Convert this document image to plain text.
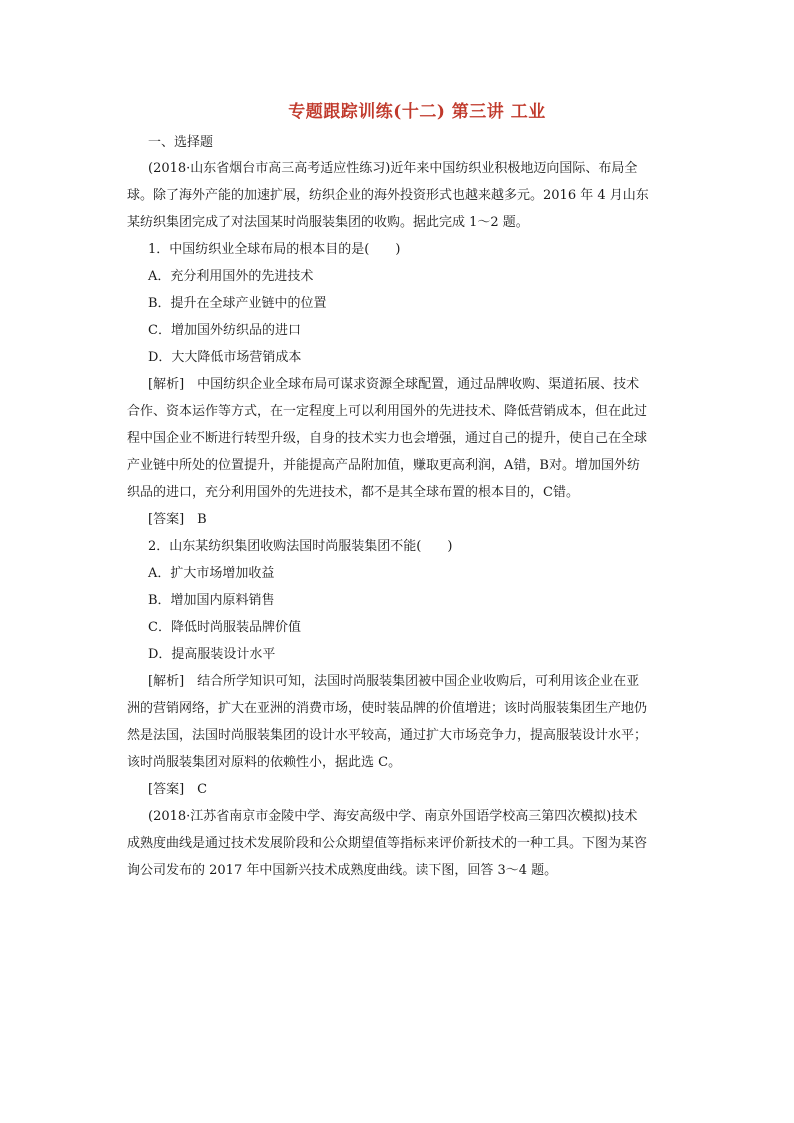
专题跟踪训练(十二) 第三讲 工业
一、选择题
(2018·山东省烟台市高三高考适应性练习)近年来中国纺织业积极地迈向国际、布局全
球。除了海外产能的加速扩展，纺织企业的海外投资形式也越来越多元。2016 年 4 月山东
某纺织集团完成了对法国某时尚服装集团的收购。据此完成 1～2 题。
1．中国纺织业全球布局的根本目的是(　　)
A．充分利用国外的先进技术
B．提升在全球产业链中的位置
C．增加国外纺织品的进口
D．大大降低市场营销成本
[解析]　中国纺织企业全球布局可谋求资源全球配置，通过品牌收购、渠道拓展、技术
合作、资本运作等方式，在一定程度上可以利用国外的先进技术、降低营销成本，但在此过
程中国企业不断进行转型升级，自身的技术实力也会增强，通过自己的提升，使自己在全球
产业链中所处的位置提升，并能提高产品附加值，赚取更高利润，A错，B对。增加国外纺
织品的进口，充分利用国外的先进技术，都不是其全球布置的根本目的，C错。
[答案]　B
2．山东某纺织集团收购法国时尚服装集团不能(　　)
A．扩大市场增加收益
B．增加国内原料销售
C．降低时尚服装品牌价值
D．提高服装设计水平
[解析]　结合所学知识可知，法国时尚服装集团被中国企业收购后，可利用该企业在亚
洲的营销网络，扩大在亚洲的消费市场，使时装品牌的价值增进；该时尚服装集团生产地仍
然是法国，法国时尚服装集团的设计水平较高，通过扩大市场竞争力，提高服装设计水平；
该时尚服装集团对原料的依赖性小，据此选 C。
[答案]　C
(2018·江苏省南京市金陵中学、海安高级中学、南京外国语学校高三第四次模拟)技术
成熟度曲线是通过技术发展阶段和公众期望值等指标来评价新技术的一种工具。下图为某咨
询公司发布的 2017 年中国新兴技术成熟度曲线。读下图，回答 3～4 题。
